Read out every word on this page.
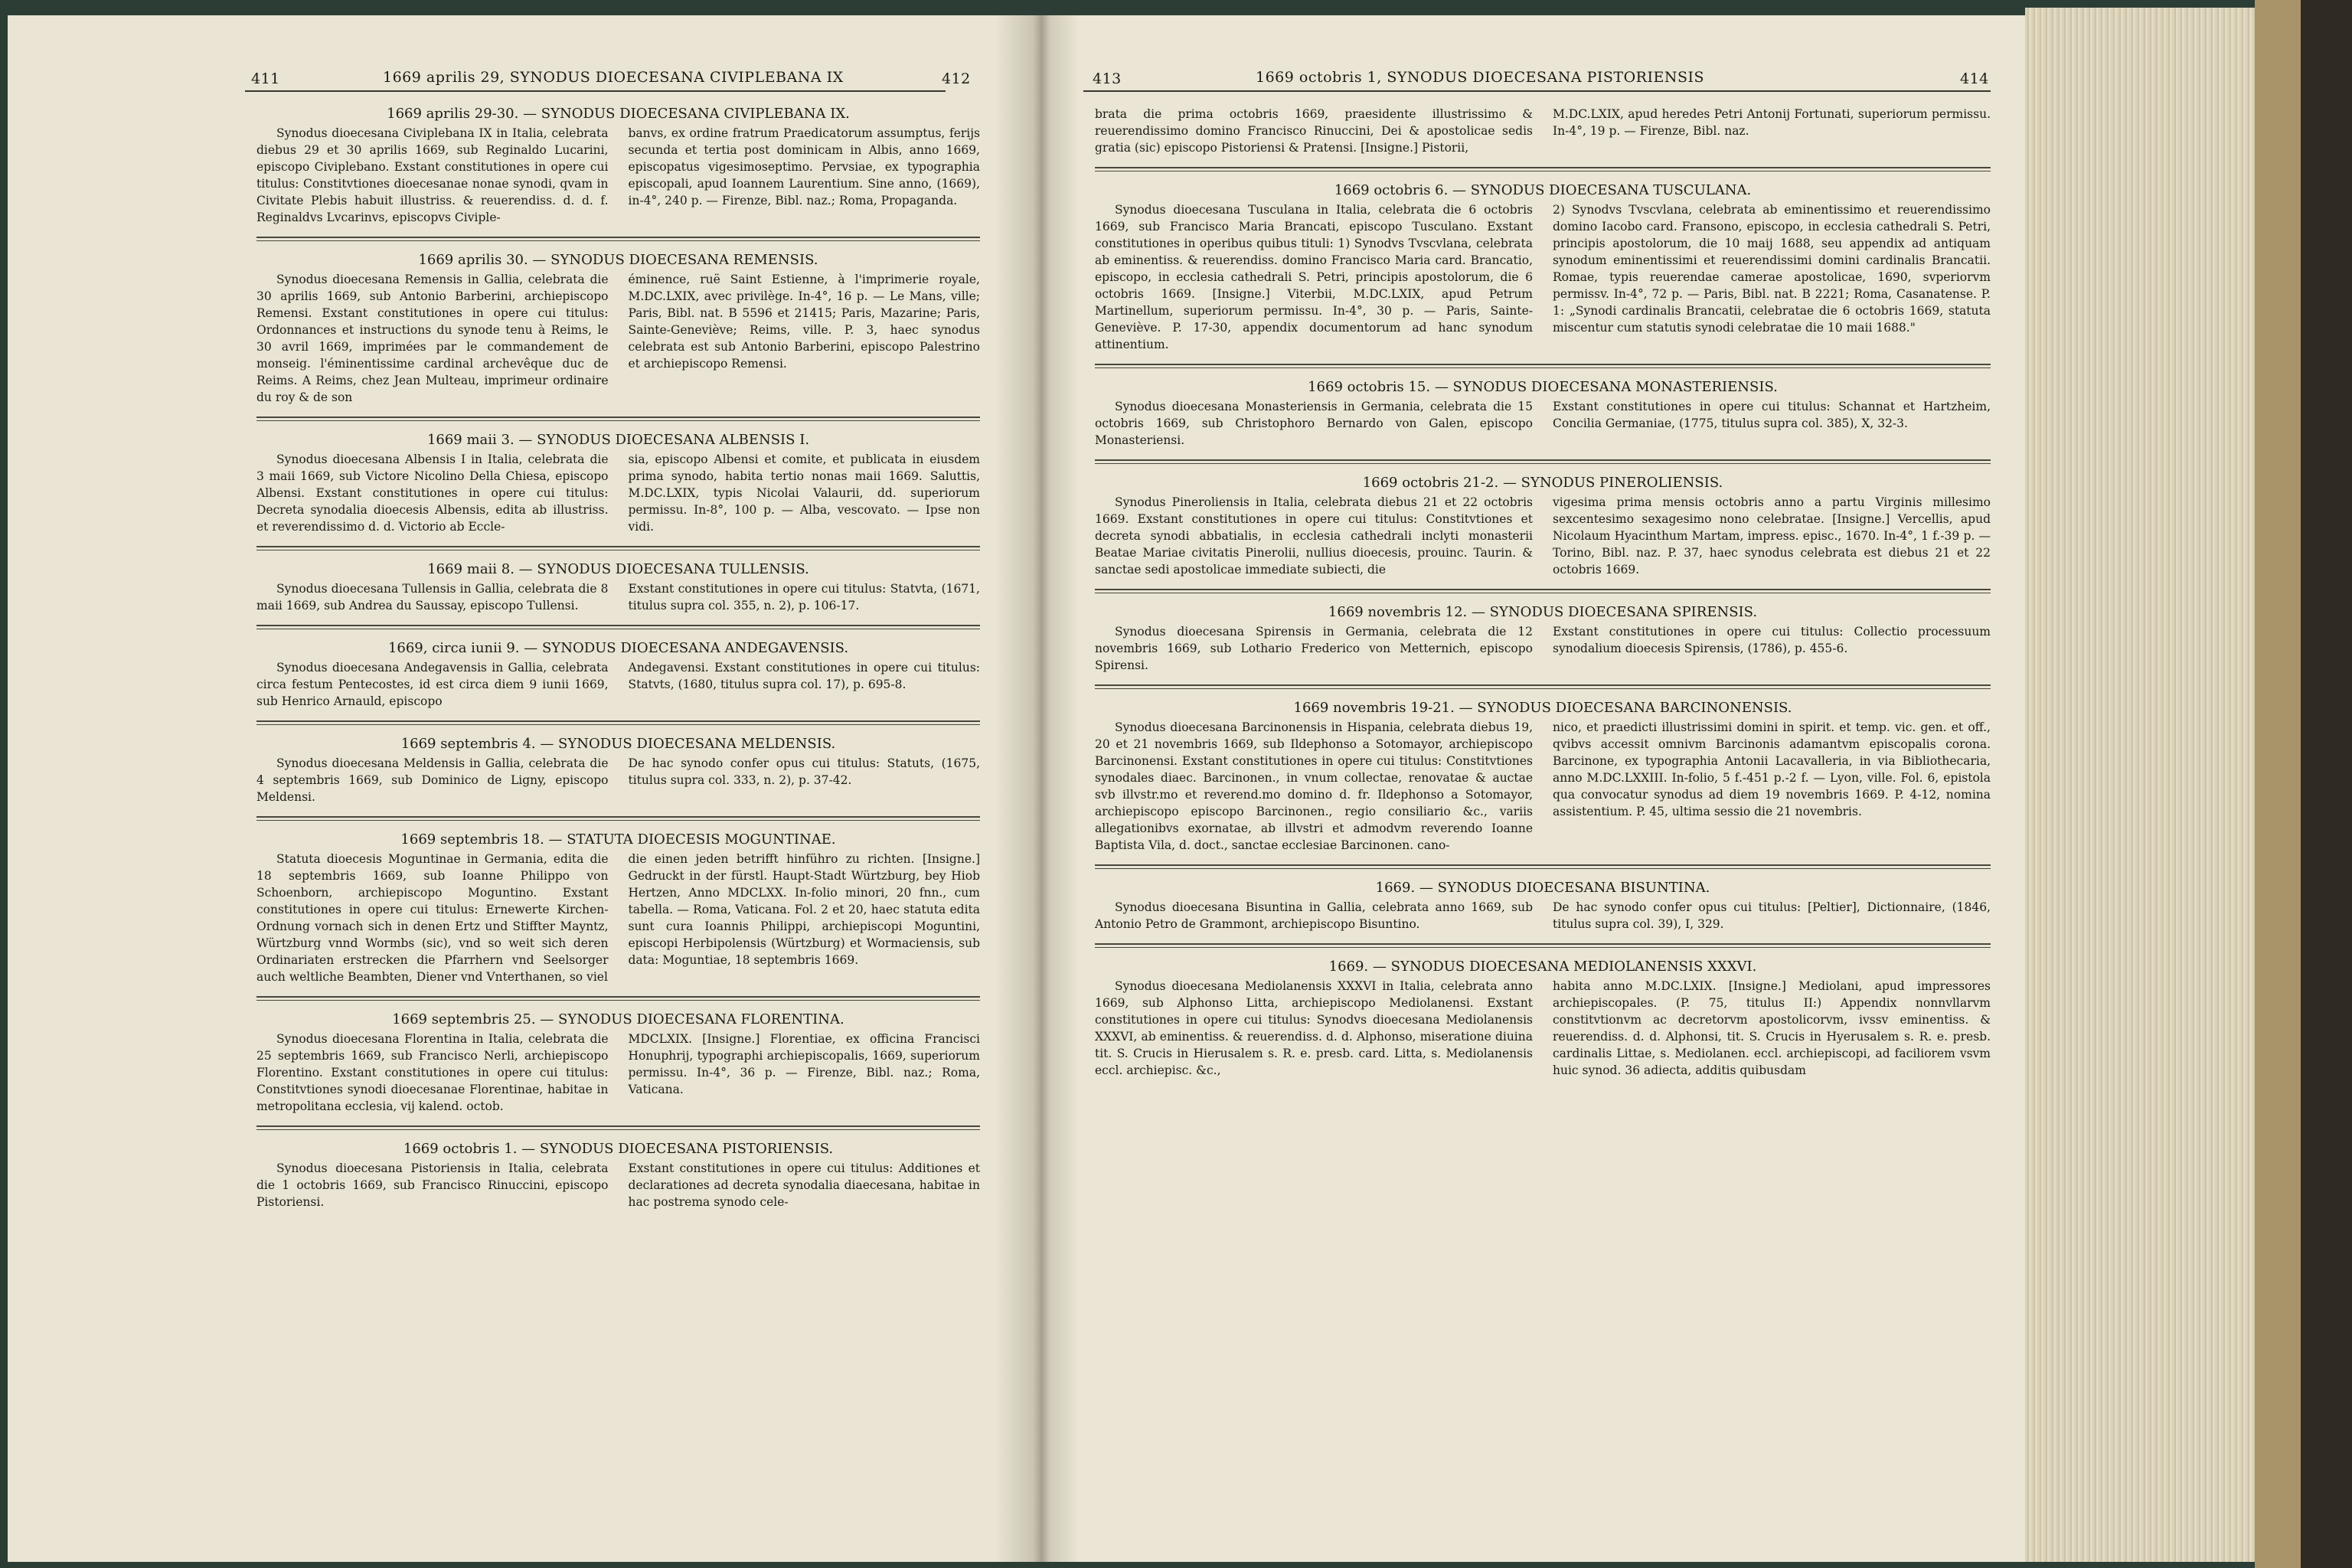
411	1669 aprilis 29, SYNODUS DIOECESANA CIVIPLEBANA IX	412
1669 aprilis 29-30. — SYNODUS DIOECESANA CIVIPLEBANA IX.

Synodus dioecesana Civiplebana IX in Italia, celebrata diebus 29 et 30 aprilis 1669, sub Reginaldo Lucarini, episcopo Civiplebano. Exstant constitutiones in opere cui titulus: Constitvtiones dioecesanae nonae synodi, qvam in Civitate Plebis habuit illustriss. & reuerendiss. d. d. f. Reginaldvs Lvcarinvs, episcopvs Civiple-

banvs, ex ordine fratrum Praedicatorum assumptus, ferijs secunda et tertia post dominicam in Albis, anno 1669, episcopatus vigesimoseptimo. Pervsiae, ex typographia episcopali, apud Ioannem Laurentium. Sine anno, (1669), in-4°, 240 p. — Firenze, Bibl. naz.; Roma, Propaganda.

1669 aprilis 30. — SYNODUS DIOECESANA REMENSIS.

Synodus dioecesana Remensis in Gallia, celebrata die 30 aprilis 1669, sub Antonio Barberini, archiepiscopo Remensi. Exstant constitutiones in opere cui titulus: Ordonnances et instructions du synode tenu à Reims, le 30 avril 1669, imprimées par le commandement de monseig. l'éminentissime cardinal archevêque duc de Reims. A Reims, chez Jean Multeau, imprimeur ordinaire du roy & de son

éminence, ruë Saint Estienne, à l'imprimerie royale, M.DC.LXIX, avec privilège. In-4°, 16 p. — Le Mans, ville; Paris, Bibl. nat. B 5596 et 21415; Paris, Mazarine; Paris, Sainte-Geneviève; Reims, ville. P. 3, haec synodus celebrata est sub Antonio Barberini, episcopo Palestrino et archiepiscopo Remensi.

1669 maii 3. — SYNODUS DIOECESANA ALBENSIS I.

Synodus dioecesana Albensis I in Italia, celebrata die 3 maii 1669, sub Victore Nicolino Della Chiesa, episcopo Albensi. Exstant constitutiones in opere cui titulus: Decreta synodalia dioecesis Albensis, edita ab illustriss. et reverendissimo d. d. Victorio ab Eccle-

sia, episcopo Albensi et comite, et publicata in eiusdem prima synodo, habita tertio nonas maii 1669. Saluttis, M.DC.LXIX, typis Nicolai Valaurii, dd. superiorum permissu. In-8°, 100 p. — Alba, vescovato. — Ipse non vidi.

1669 maii 8. — SYNODUS DIOECESANA TULLENSIS.

Synodus dioecesana Tullensis in Gallia, celebrata die 8 maii 1669, sub Andrea du Saussay, episcopo Tullensi.

Exstant constitutiones in opere cui titulus: Statvta, (1671, titulus supra col. 355, n. 2), p. 106-17.

1669, circa iunii 9. — SYNODUS DIOECESANA ANDEGAVENSIS.

Synodus dioecesana Andegavensis in Gallia, celebrata circa festum Pentecostes, id est circa diem 9 iunii 1669, sub Henrico Arnauld, episcopo

Andegavensi. Exstant constitutiones in opere cui titulus: Statvts, (1680, titulus supra col. 17), p. 695-8.

1669 septembris 4. — SYNODUS DIOECESANA MELDENSIS.

Synodus dioecesana Meldensis in Gallia, celebrata die 4 septembris 1669, sub Dominico de Ligny, episcopo Meldensi.

De hac synodo confer opus cui titulus: Statuts, (1675, titulus supra col. 333, n. 2), p. 37-42.

1669 septembris 18. — STATUTA DIOECESIS MOGUNTINAE.

Statuta dioecesis Moguntinae in Germania, edita die 18 septembris 1669, sub Ioanne Philippo von Schoenborn, archiepiscopo Moguntino. Exstant constitutiones in opere cui titulus: Ernewerte Kirchen-Ordnung vornach sich in denen Ertz und Stiffter Mayntz, Würtzburg vnnd Wormbs (sic), vnd so weit sich deren Ordinariaten erstrecken die Pfarrhern vnd Seelsorger auch weltliche Beambten, Diener vnd Vnterthanen, so viel

die einen jeden betrifft hinführo zu richten. [Insigne.] Gedruckt in der fürstl. Haupt-Stadt Würtzburg, bey Hiob Hertzen, Anno MDCLXX. In-folio minori, 20 fnn., cum tabella. — Roma, Vaticana. Fol. 2 et 20, haec statuta edita sunt cura Ioannis Philippi, archiepiscopi Moguntini, episcopi Herbipolensis (Würtzburg) et Wormaciensis, sub data: Moguntiae, 18 septembris 1669.

1669 septembris 25. — SYNODUS DIOECESANA FLORENTINA.

Synodus dioecesana Florentina in Italia, celebrata die 25 septembris 1669, sub Francisco Nerli, archiepiscopo Florentino. Exstant constitutiones in opere cui titulus: Constitvtiones synodi dioecesanae Florentinae, habitae in metropolitana ecclesia, vij kalend. octob.

MDCLXIX. [Insigne.] Florentiae, ex officina Francisci Honuphrij, typographi archiepiscopalis, 1669, superiorum permissu. In-4°, 36 p. — Firenze, Bibl. naz.; Roma, Vaticana.

1669 octobris 1. — SYNODUS DIOECESANA PISTORIENSIS.

Synodus dioecesana Pistoriensis in Italia, celebrata die 1 octobris 1669, sub Francisco Rinuccini, episcopo Pistoriensi.

Exstant constitutiones in opere cui titulus: Additiones et declarationes ad decreta synodalia diaecesana, habitae in hac postrema synodo cele-

413	1669 octobris 1, SYNODUS DIOECESANA PISTORIENSIS	414

brata die prima octobris 1669, praesidente illustrissimo & reuerendissimo domino Francisco Rinuccini, Dei & apostolicae sedis gratia (sic) episcopo Pistoriensi & Pratensi. [Insigne.] Pistorii,

M.DC.LXIX, apud heredes Petri Antonij Fortunati, superiorum permissu. In-4°, 19 p. — Firenze, Bibl. naz.

1669 octobris 6. — SYNODUS DIOECESANA TUSCULANA.

Synodus dioecesana Tusculana in Italia, celebrata die 6 octobris 1669, sub Francisco Maria Brancati, episcopo Tusculano. Exstant constitutiones in operibus quibus tituli: 1) Synodvs Tvscvlana, celebrata ab eminentiss. & reuerendiss. domino Francisco Maria card. Brancatio, episcopo, in ecclesia cathedrali S. Petri, principis apostolorum, die 6 octobris 1669. [Insigne.] Viterbii, M.DC.LXIX, apud Petrum Martinellum, superiorum permissu. In-4°, 30 p. — Paris, Sainte-Geneviève. P. 17-30, appendix documentorum ad hanc synodum attinentium.

2) Synodvs Tvscvlana, celebrata ab eminentissimo et reuerendissimo domino Iacobo card. Fransono, episcopo, in ecclesia cathedrali S. Petri, principis apostolorum, die 10 maij 1688, seu appendix ad antiquam synodum eminentissimi et reuerendissimi domini cardinalis Brancatii. Romae, typis reuerendae camerae apostolicae, 1690, svperiorvm permissv. In-4°, 72 p. — Paris, Bibl. nat. B 2221; Roma, Casanatense. P. 1: „Synodi cardinalis Brancatii, celebratae die 6 octobris 1669, statuta miscentur cum statutis synodi celebratae die 10 maii 1688."

1669 octobris 15. — SYNODUS DIOECESANA MONASTERIENSIS.

Synodus dioecesana Monasteriensis in Germania, celebrata die 15 octobris 1669, sub Christophoro Bernardo von Galen, episcopo Monasteriensi.

Exstant constitutiones in opere cui titulus: Schannat et Hartzheim, Concilia Germaniae, (1775, titulus supra col. 385), X, 32-3.

1669 octobris 21-2. — SYNODUS PINEROLIENSIS.

Synodus Pineroliensis in Italia, celebrata diebus 21 et 22 octobris 1669. Exstant constitutiones in opere cui titulus: Constitvtiones et decreta synodi abbatialis, in ecclesia cathedrali inclyti monasterii Beatae Mariae civitatis Pinerolii, nullius dioecesis, prouinc. Taurin. & sanctae sedi apostolicae immediate subiecti, die

vigesima prima mensis octobris anno a partu Virginis millesimo sexcentesimo sexagesimo nono celebratae. [Insigne.] Vercellis, apud Nicolaum Hyacinthum Martam, impress. episc., 1670. In-4°, 1 f.-39 p. — Torino, Bibl. naz. P. 37, haec synodus celebrata est diebus 21 et 22 octobris 1669.

1669 novembris 12. — SYNODUS DIOECESANA SPIRENSIS.

Synodus dioecesana Spirensis in Germania, celebrata die 12 novembris 1669, sub Lothario Frederico von Metternich, episcopo Spirensi.

Exstant constitutiones in opere cui titulus: Collectio processuum synodalium dioecesis Spirensis, (1786), p. 455-6.

1669 novembris 19-21. — SYNODUS DIOECESANA BARCINONENSIS.

Synodus dioecesana Barcinonensis in Hispania, celebrata diebus 19, 20 et 21 novembris 1669, sub Ildephonso a Sotomayor, archiepiscopo Barcinonensi. Exstant constitutiones in opere cui titulus: Constitvtiones synodales diaec. Barcinonen., in vnum collectae, renovatae & auctae svb illvstr.mo et reverend.mo domino d. fr. Ildephonso a Sotomayor, archiepiscopo episcopo Barcinonen., regio consiliario &c., variis allegationibvs exornatae, ab illvstri et admodvm reverendo Ioanne Baptista Vila, d. doct., sanctae ecclesiae Barcinonen. cano-

nico, et praedicti illustrissimi domini in spirit. et temp. vic. gen. et off., qvibvs accessit omnivm Barcinonis adamantvm episcopalis corona. Barcinone, ex typographia Antonii Lacavalleria, in via Bibliothecaria, anno M.DC.LXXIII. In-folio, 5 f.-451 p.-2 f. — Lyon, ville. Fol. 6, epistola qua convocatur synodus ad diem 19 novembris 1669. P. 4-12, nomina assistentium. P. 45, ultima sessio die 21 novembris.

1669. — SYNODUS DIOECESANA BISUNTINA.

Synodus dioecesana Bisuntina in Gallia, celebrata anno 1669, sub Antonio Petro de Grammont, archiepiscopo Bisuntino.

De hac synodo confer opus cui titulus: [Peltier], Dictionnaire, (1846, titulus supra col. 39), I, 329.

1669. — SYNODUS DIOECESANA MEDIOLANENSIS XXXVI.

Synodus dioecesana Mediolanensis XXXVI in Italia, celebrata anno 1669, sub Alphonso Litta, archiepiscopo Mediolanensi. Exstant constitutiones in opere cui titulus: Synodvs dioecesana Mediolanensis XXXVI, ab eminentiss. & reuerendiss. d. d. Alphonso, miseratione diuina tit. S. Crucis in Hierusalem s. R. e. presb. card. Litta, s. Mediolanensis eccl. archiepisc. &c.,

habita anno M.DC.LXIX. [Insigne.] Mediolani, apud impressores archiepiscopales. (P. 75, titulus II:) Appendix nonnvllarvm constitvtionvm ac decretorvm apostolicorvm, ivssv eminentiss. & reuerendiss. d. d. Alphonsi, tit. S. Crucis in Hyerusalem s. R. e. presb. cardinalis Littae, s. Mediolanen. eccl. archiepiscopi, ad faciliorem vsvm huic synod. 36 adiecta, additis quibusdam
